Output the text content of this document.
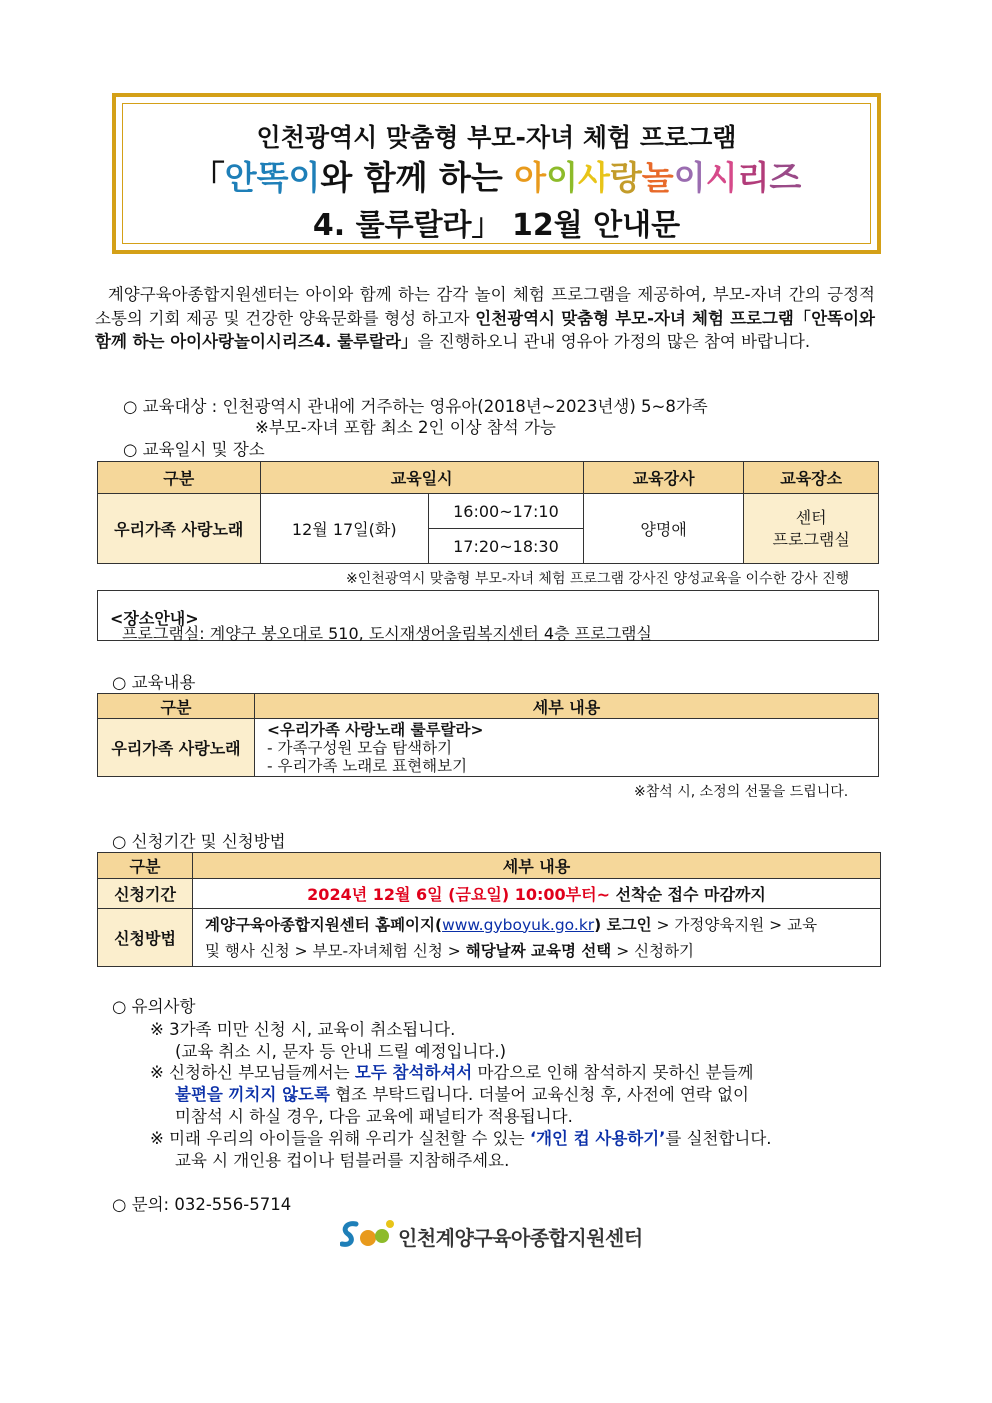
인천광역시 맞춤형 부모-자녀 체험 프로그램
「안똑이와 함께 하는 아이사랑놀이시리즈
4. 룰루랄라」 12월 안내문
계양구육아종합지원센터는 아이와 함께 하는 감각 놀이 체험 프로그램을 제공하여, 부모-자녀 간의 긍정적 소통의 기회 제공 및 건강한 양육문화를 형성 하고자 인천광역시 맞춤형 부모-자녀 체험 프로그램「안똑이와 함께 하는 아이사랑놀이시리즈4. 룰루랄라」을 진행하오니 관내 영유아 가정의 많은 참여 바랍니다.
○ 교육대상 : 인천광역시 관내에 거주하는 영유아(2018년~2023년생) 5~8가족
※부모-자녀 포함 최소 2인 이상 참석 가능
○ 교육일시 및 장소
구분	교육일시		교육강사	교육장소
우리가족 사랑노래	12월 17일(화)	16:00~17:10	양명애	센터
프로그램실
		17:20~18:30		
※인천광역시 맞춤형 부모-자녀 체험 프로그램 강사진 양성교육을 이수한 강사 진행
<장소안내>
프로그램실: 계양구 봉오대로 510, 도시재생어울림복지센터 4층 프로그램실
○ 교육내용
구분	세부 내용
우리가족 사랑노래	<우리가족 사랑노래 룰루랄라>
- 가족구성원 모습 탐색하기
- 우리가족 노래로 표현해보기
※참석 시, 소정의 선물을 드립니다.
○ 신청기간 및 신청방법
구분	세부 내용
신청기간	2024년 12월 6일 (금요일) 10:00부터~ 선착순 접수 마감까지
신청방법	계양구육아종합지원센터 홈페이지(www.gyboyuk.go.kr) 로그인 > 가정양육지원 > 교육
및 행사 신청 > 부모-자녀체험 신청 > 해당날짜 교육명 선택 > 신청하기
○ 유의사항
※ 3가족 미만 신청 시, 교육이 취소됩니다.
(교육 취소 시, 문자 등 안내 드릴 예정입니다.)
※ 신청하신 부모님들께서는 모두 참석하셔서 마감으로 인해 참석하지 못하신 분들께
불편을 끼치지 않도록 협조 부탁드립니다. 더불어 교육신청 후, 사전에 연락 없이
미참석 시 하실 경우, 다음 교육에 패널티가 적용됩니다.
※ 미래 우리의 아이들을 위해 우리가 실천할 수 있는 ‘개인 컵 사용하기’를 실천합니다.
교육 시 개인용 컵이나 텀블러를 지참해주세요.
○ 문의: 032-556-5714
인천계양구육아종합지원센터
